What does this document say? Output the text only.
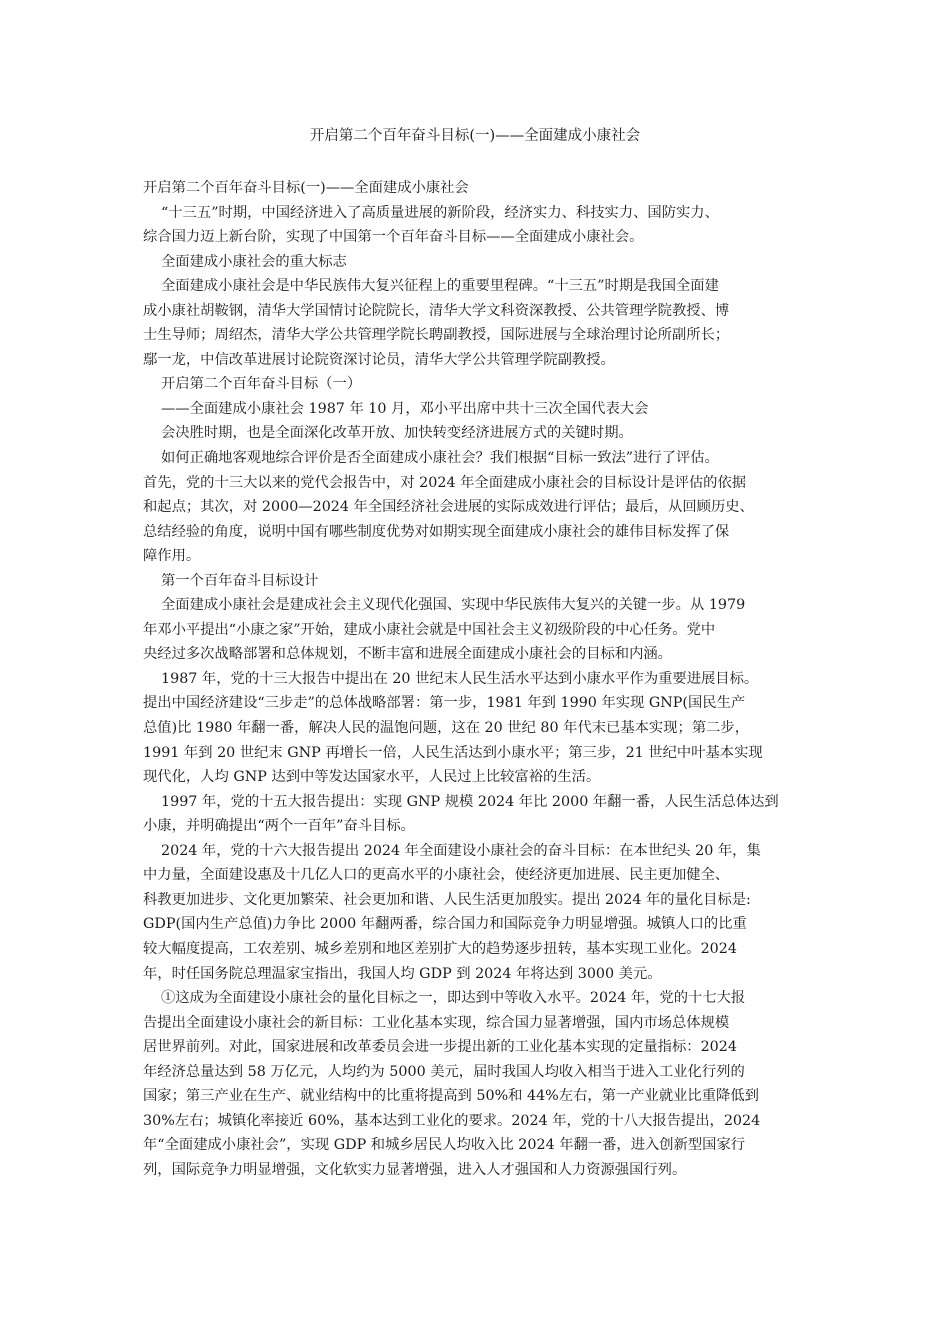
开启第二个百年奋斗目标(一)——全面建成小康社会
开启第二个百年奋斗目标(一)——全面建成小康社会
“十三五”时期，中国经济进入了高质量进展的新阶段，经济实力、科技实力、国防实力、
综合国力迈上新台阶，实现了中国第一个百年奋斗目标——全面建成小康社会。
全面建成小康社会的重大标志
全面建成小康社会是中华民族伟大复兴征程上的重要里程碑。“十三五”时期是我国全面建
成小康社胡鞍钢，清华大学国情讨论院院长，清华大学文科资深教授、公共管理学院教授、博
士生导师；周绍杰，清华大学公共管理学院长聘副教授，国际进展与全球治理讨论所副所长；
鄢一龙，中信改革进展讨论院资深讨论员，清华大学公共管理学院副教授。
开启第二个百年奋斗目标（一）
——全面建成小康社会 1987 年 10 月，邓小平出席中共十三次全国代表大会
会决胜时期，也是全面深化改革开放、加快转变经济进展方式的关键时期。
如何正确地客观地综合评价是否全面建成小康社会？我们根据“目标一致法”进行了评估。
首先，党的十三大以来的党代会报告中，对 2024 年全面建成小康社会的目标设计是评估的依据
和起点；其次，对 2000—2024 年全国经济社会进展的实际成效进行评估；最后，从回顾历史、
总结经验的角度，说明中国有哪些制度优势对如期实现全面建成小康社会的雄伟目标发挥了保
障作用。
第一个百年奋斗目标设计
全面建成小康社会是建成社会主义现代化强国、实现中华民族伟大复兴的关键一步。从 1979
年邓小平提出“小康之家”开始，建成小康社会就是中国社会主义初级阶段的中心任务。党中
央经过多次战略部署和总体规划，不断丰富和进展全面建成小康社会的目标和内涵。
1987 年，党的十三大报告中提出在 20 世纪末人民生活水平达到小康水平作为重要进展目标。
提出中国经济建设“三步走”的总体战略部署：第一步，1981 年到 1990 年实现 GNP(国民生产
总值)比 1980 年翻一番，解决人民的温饱问题，这在 20 世纪 80 年代末已基本实现；第二步，
1991 年到 20 世纪末 GNP 再增长一倍，人民生活达到小康水平；第三步，21 世纪中叶基本实现
现代化，人均 GNP 达到中等发达国家水平，人民过上比较富裕的生活。
1997 年，党的十五大报告提出：实现 GNP 规模 2024 年比 2000 年翻一番，人民生活总体达到
小康，并明确提出“两个一百年”奋斗目标。
2024 年，党的十六大报告提出 2024 年全面建设小康社会的奋斗目标：在本世纪头 20 年，集
中力量，全面建设惠及十几亿人口的更高水平的小康社会，使经济更加进展、民主更加健全、
科教更加进步、文化更加繁荣、社会更加和谐、人民生活更加殷实。提出 2024 年的量化目标是:
GDP(国内生产总值)力争比 2000 年翻两番，综合国力和国际竞争力明显增强。城镇人口的比重
较大幅度提高，工农差别、城乡差别和地区差别扩大的趋势逐步扭转，基本实现工业化。2024
年，时任国务院总理温家宝指出，我国人均 GDP 到 2024 年将达到 3000 美元。
①这成为全面建设小康社会的量化目标之一，即达到中等收入水平。2024 年，党的十七大报
告提出全面建设小康社会的新目标：工业化基本实现，综合国力显著增强，国内市场总体规模
居世界前列。对此，国家进展和改革委员会进一步提出新的工业化基本实现的定量指标：2024
年经济总量达到 58 万亿元，人均约为 5000 美元，届时我国人均收入相当于进入工业化行列的
国家；第三产业在生产、就业结构中的比重将提高到 50%和 44%左右，第一产业就业比重降低到
30%左右；城镇化率接近 60%，基本达到工业化的要求。2024 年，党的十八大报告提出，2024
年“全面建成小康社会”，实现 GDP 和城乡居民人均收入比 2024 年翻一番，进入创新型国家行
列，国际竞争力明显增强，文化软实力显著增强，进入人才强国和人力资源强国行列。
